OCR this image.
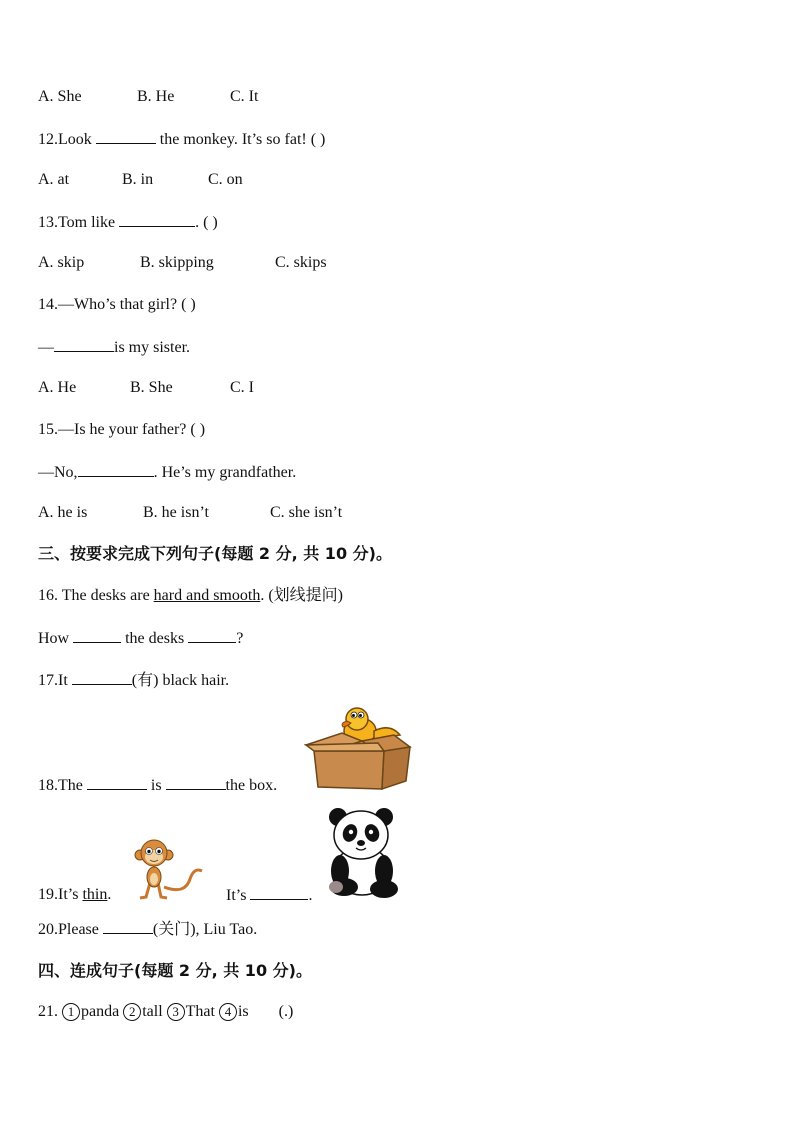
A. She	B. He	C. It
12.Look	the monkey. It’s so fat! ( )
A. at	B. in	C. on
13.Tom like	. ( )
A. skip	B. skipping	C. skips
14.—Who’s that girl? ( )
—	is my sister.
A. He	B. She	C. I
15.—Is he your father? ( )
—No,	. He’s my grandfather.
A. he is	B. he isn’t	C. she isn’t
三、按要求完成下列句子(每题 2 分, 共 10 分)。
16. The desks are hard and smooth. (划线提问)
How	the desks	?
17.It	(有) black hair.
18.The	is	the box.
19.It’s thin.	It’s	.
20.Please	(关门), Liu Tao.
四、连成句子(每题 2 分, 共 10 分)。
21. 1 panda 2 tall 3 That 4 is (.)
